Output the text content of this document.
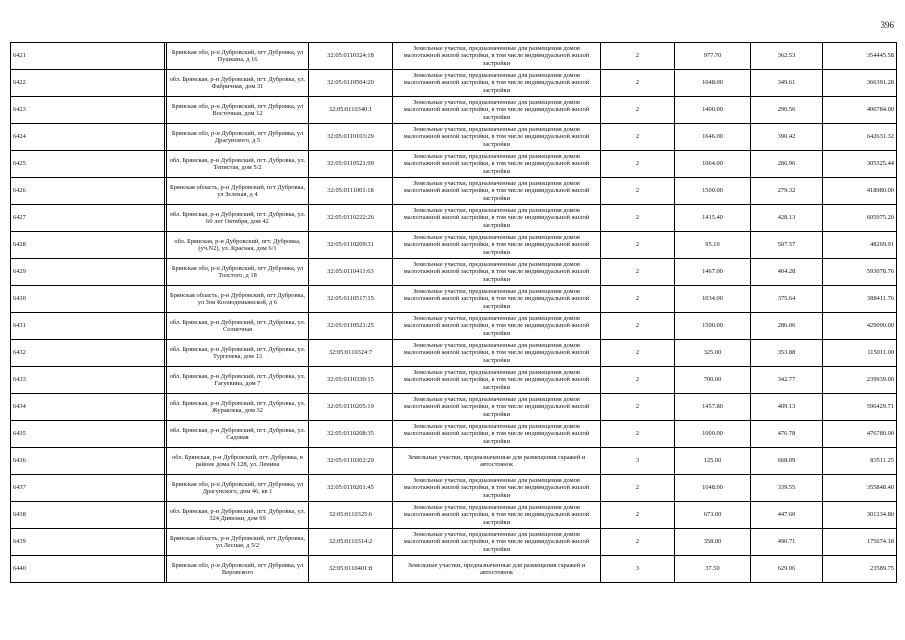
396
6421		Брянская обл, р-н Дубровский, пгт Дубровка, ул Пушкина, д 16	32:05:0110324:18	Земельные участки, предназначенные для размещения домов малоэтажной жилой застройки, в том числе индивидуальной жилой застройки	2	977.70	362.53	354445.58
6422		обл. Брянская, р-н Дубровский, пгт. Дубровка, ул. Фабричная, дом 31	32:05:0110504:20	Земельные участки, предназначенные для размещения домов малоэтажной жилой застройки, в том числе индивидуальной жилой застройки	2	1048.00	349.61	366391.28
6423		Брянская обл, р-н Дубровский, пгт Дубровка, ул Восточная, дом 12	32:05:0110340:1	Земельные участки, предназначенные для размещения домов малоэтажной жилой застройки, в том числе индивидуальной жилой застройки	2	1400.00	290.56	406784.00
6424		Брянская обл, р-н Дубровский, пгт Дубровка, ул Драгунского, д 5	32:05:0110103:29	Земельные участки, предназначенные для размещения домов малоэтажной жилой застройки, в том числе индивидуальной жилой застройки	2	1646.00	390.42	642631.32
6425		обл. Брянская, р-н Дубровский, пгт. Дубровка, ул. Тепистая, дом 5/2	32:05:0110521:99	Земельные участки, предназначенные для размещения домов малоэтажной жилой застройки, в том числе индивидуальной жилой застройки	2	1064.00	286.96	305325.44
6426		Брянская область, р-н Дубровский, пгт Дубровка, ул Зеленая, д 4	32:05:0111001:18	Земельные участки, предназначенные для размещения домов малоэтажной жилой застройки, в том числе индивидуальной жилой застройки	2	1500.00	279.32	418980.00
6427		обл. Брянская, р-н Дубровский, пгт. Дубровка, ул. 60 лет Октября, дом 42	32:05:0110222:26	Земельные участки, предназначенные для размещения домов малоэтажной жилой застройки, в том числе индивидуальной жилой застройки	2	1415.40	428.13	605975.20
6428		обл. Брянская, р-н Дубровский, пгт. Дубровка, (уч.N2), ул. Красная, дом 6/1	32:05:0110209:31	Земельные участки, предназначенные для размещения домов малоэтажной жилой застройки, в том числе индивидуальной жилой застройки	2	95.10	507.57	48269.91
6429		Брянская обл, р-н Дубровский, пгт Дубровка, ул Толстого, д 18	32:05:0110411:63	Земельные участки, предназначенные для размещения домов малоэтажной жилой застройки, в том числе индивидуальной жилой застройки	2	1467.00	404.28	593078.76
6430		Брянская область, р-н Дубровский, пгт Дубровка, ул Зои Космодемьянской, д 6	32:05:0110517:15	Земельные участки, предназначенные для размещения домов малоэтажной жилой застройки, в том числе индивидуальной жилой застройки	2	1034.00	375.64	388411.76
6431		обл. Брянская, р-н Дубровский, пгт. Дубровка, ул. Солнечная	32:05:0110521:25	Земельные участки, предназначенные для размещения домов малоэтажной жилой застройки, в том числе индивидуальной жилой застройки	2	1500.00	286.06	429090.00
6432		обл. Брянская, р-н Дубровский, пгт. Дубровка, ул. Тургенева, дом 13	32:05:0110324:7	Земельные участки, предназначенные для размещения домов малоэтажной жилой застройки, в том числе индивидуальной жилой застройки	2	325.00	353.88	115011.00
6433		обл. Брянская, р-н Дубровский, пгт. Дубровка, ул. Гагуевина, дом 7	32:05:0110330:15	Земельные участки, предназначенные для размещения домов малоэтажной жилой застройки, в том числе индивидуальной жилой застройки	2	700.00	342.77	239939.00
6434		обл. Брянская, р-н Дубровский, пгт. Дубровка, ул. Журавлева, дом 32	32:05:0110205:19	Земельные участки, предназначенные для размещения домов малоэтажной жилой застройки, в том числе индивидуальной жилой застройки	2	1457.80	409.13	596429.71
6435		обл. Брянская, р-н Дубровский, пгт. Дубровка, ул. Садовая	32:05:0110208:35	Земельные участки, предназначенные для размещения домов малоэтажной жилой застройки, в том числе индивидуальной жилой застройки	2	1000.00	476.78	476780.00
6436		обл. Брянская, р-н Дубровский, пгт. Дубровка, в районе дома N 128, ул. Ленина	32:05:0110302:29	Земельные участки, предназначенные для размещения гаражей и автостоянок	3	125.00	668.09	83511.25
6437		Брянская обл, р-н Дубровский, пгт Дубровка, ул Драгунского, дом 46, кв 1	32:05:0110201:45	Земельные участки, предназначенные для размещения домов малоэтажной жилой застройки, в том числе индивидуальной жилой застройки	2	1048.00	339.55	355848.40
6438		обл. Брянская, р-н Дубровский, пгт. Дубровка, ул. 324 Дивизии, дом 69	32:05:0110325:6	Земельные участки, предназначенные для размещения домов малоэтажной жилой застройки, в том числе индивидуальной жилой застройки	2	673.00	447.60	301234.80
6439		Брянская область, р-н Дубровский, пгт Дубровка, ул Лесная, д 5/2	32:05:0110314:2	Земельные участки, предназначенные для размещения домов малоэтажной жилой застройки, в том числе индивидуальной жилой застройки	2	358.00	490.71	175674.18
6440		Брянская обл, р-н Дубровский, пгт Дубровка, ул Воровского	32:05:0110401:8	Земельные участки, предназначенные для размещения гаражей и автостоянок	3	37.50	629.06	23589.75
